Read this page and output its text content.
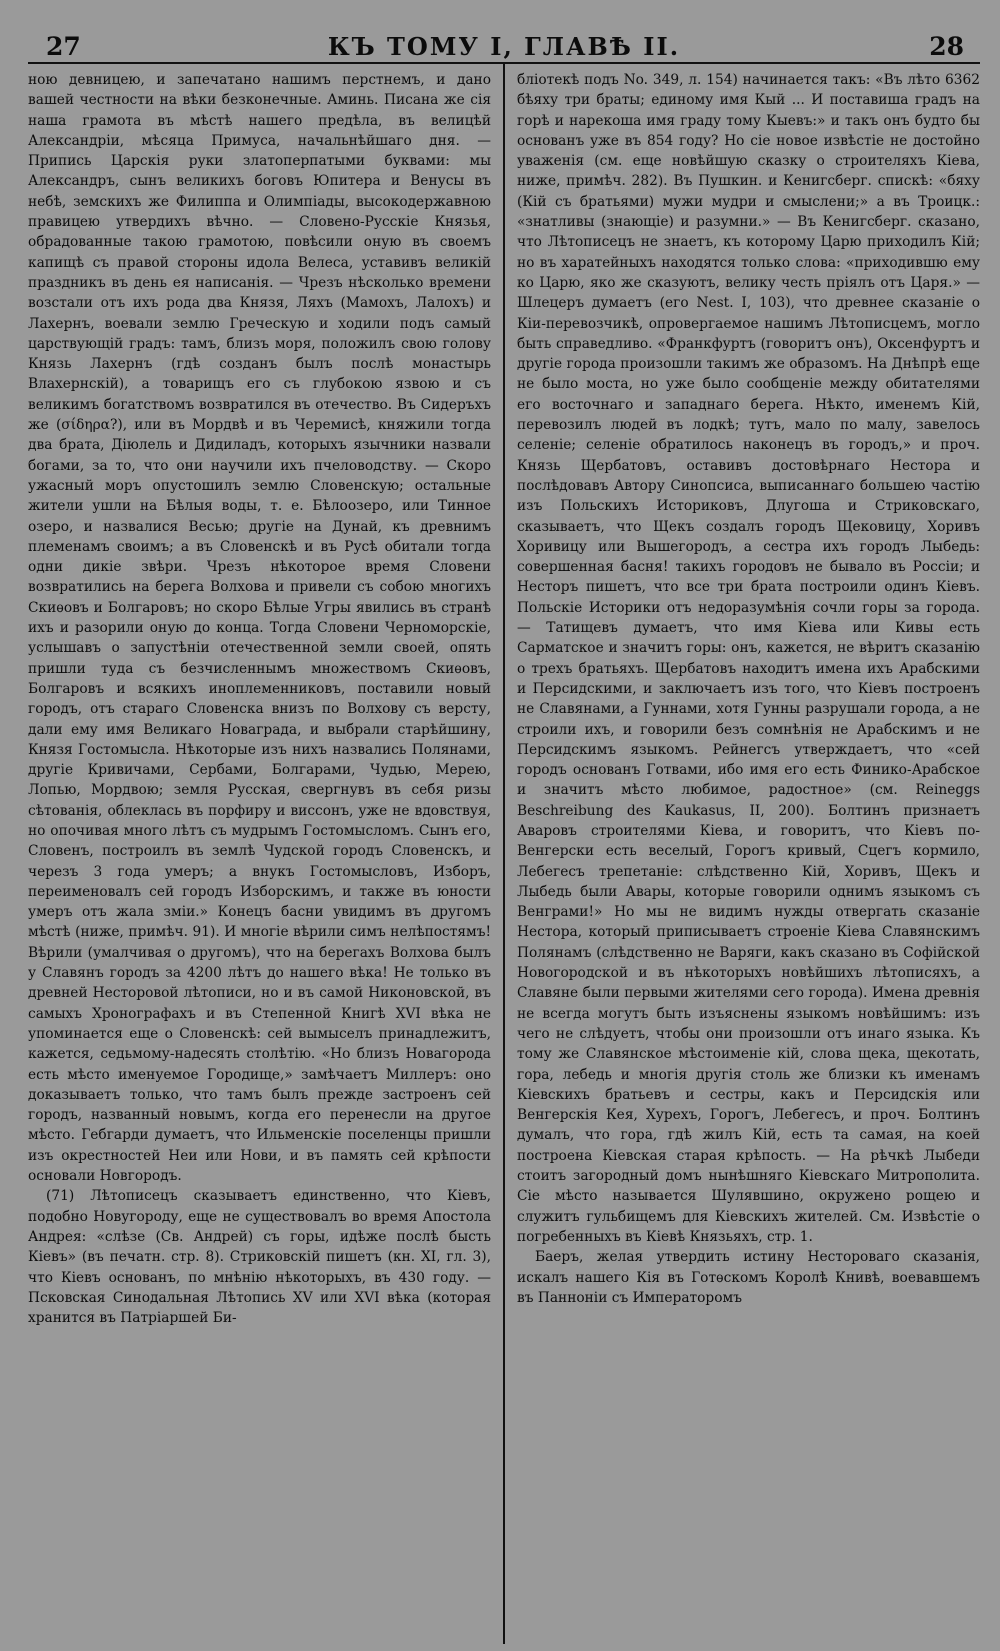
27	КЪ ТОМУ I, ГЛАВѢ II.	28

ною девницею, и запечатано нашимъ перстнемъ, и дано вашей честности на вѣки безконечные. Аминь. Писана же сія наша грамота въ мѣстѣ нашего предѣла, въ велицѣй Александріи, мѣсяца Примуса, начальнѣйшаго дня. — Припись Царскія руки златоперпатыми буквами: мы Александръ, сынъ великихъ боговъ Юпитера и Венусы въ небѣ, земскихъ же Филиппа и Олимпіады, высокодержавною правицею утвердихъ вѣчно. — Словено-Русскіе Князья, обрадованные такою грамотою, повѣсили оную въ своемъ капищѣ съ правой стороны идола Велеса, уставивъ великій праздникъ въ день ея написанія. — Чрезъ нѣсколько времени возстали отъ ихъ рода два Князя, Ляхъ (Мамохъ, Лалохъ) и Лахернъ, воевали землю Греческую и ходили подъ самый царствующій градъ: тамъ, близъ моря, положилъ свою голову Князь Лахернъ (гдѣ созданъ былъ послѣ монастырь Влахернскій), а товарищъ его съ глубокою язвою и съ великимъ богатствомъ возвратился въ отечество. Въ Сидеръхъ же (σίδηρα?), или въ Мордвѣ и въ Черемисѣ, княжили тогда два брата, Діюлель и Дидиладъ, которыхъ язычники назвали богами, за то, что они научили ихъ пчеловодству. — Скоро ужасный моръ опустошилъ землю Словенскую; остальные жители ушли на Бѣлыя воды, т. е. Бѣлоозеро, или Тинное озеро, и назвалися Весью; другіе на Дунай, къ древнимъ племенамъ своимъ; а въ Словенскѣ и въ Русѣ обитали тогда одни дикіе звѣри. Чрезъ нѣкоторое время Словени возвратились на берега Волхова и привели съ собою многихъ Скиѳовъ и Болгаровъ; но скоро Бѣлые Угры явились въ странѣ ихъ и разорили оную до конца. Тогда Словени Черноморскіе, услышавъ о запустѣніи отечественной земли своей, опять пришли туда съ безчисленнымъ множествомъ Скиѳовъ, Болгаровъ и всякихъ иноплеменниковъ, поставили новый городъ, отъ стараго Словенска внизъ по Волхову съ версту, дали ему имя Великаго Новаграда, и выбрали старѣйшину, Князя Гостомысла. Нѣкоторые изъ нихъ назвались Полянами, другіе Кривичами, Сербами, Болгарами, Чудью, Мерею, Лопью, Мордвою; земля Русская, свергнувъ въ себя ризы сѣтованія, облеклась въ порфиру и виссонъ, уже не вдовствуя, но опочивая много лѣтъ съ мудрымъ Гостомысломъ. Сынъ его, Словенъ, построилъ въ землѣ Чудской городъ Словенскъ, и черезъ 3 года умеръ; а внукъ Гостомысловъ, Изборъ, переименовалъ сей городъ Изборскимъ, и также въ юности умеръ отъ жала зміи.» Конецъ басни увидимъ въ другомъ мѣстѣ (ниже, примѣч. 91). И многіе вѣрили симъ нелѣпостямъ! Вѣрили (умалчивая о другомъ), что на берегахъ Волхова былъ у Славянъ городъ за 4200 лѣтъ до нашего вѣка! Не только въ древней Несторовой лѣтописи, но и въ самой Никоновской, въ самыхъ Хронографахъ и въ Степенной Книгѣ XVI вѣка не упоминается еще о Словенскѣ: сей вымыселъ принадлежитъ, кажется, седьмому-надесять столѣтію. «Но близъ Новагорода есть мѣсто именуемое Городище,» замѣчаетъ Миллеръ: оно доказываетъ только, что тамъ былъ прежде застроенъ сей городъ, названный новымъ, когда его перенесли на другое мѣсто. Гебгарди думаетъ, что Ильменскіе поселенцы пришли изъ окрестностей Неи или Нови, и въ память сей крѣпости основали Новгородъ.

(71) Лѣтописецъ сказываетъ единственно, что Кіевъ, подобно Новугороду, еще не существовалъ во время Апостола Андрея: «слѣзе (Св. Андрей) съ горы, идѣже послѣ бысть Кіевъ» (въ печатн. стр. 8). Стриковскій пишетъ (кн. XI, гл. 3), что Кіевъ основанъ, по мнѣнію нѣкоторыхъ, въ 430 году. — Псковская Синодальная Лѣтопись XV или XVI вѣка (которая хранится въ Патріаршей Би-

бліотекѣ подъ No. 349, л. 154) начинается такъ: «Въ лѣто 6362 бѣяху три браты; единому имя Кый ... И поставиша градъ на горѣ и нарекоша имя граду тому Кыевъ:» и такъ онъ будто бы основанъ уже въ 854 году? Но сіе новое извѣстіе не достойно уваженія (см. еще новѣйшую сказку о строителяхъ Кіева, ниже, примѣч. 282). Въ Пушкин. и Кенигсберг. спискѣ: «бяху (Кій съ братьями) мужи мудри и смыслени;» а въ Троицк.: «знатливы (знающіе) и разумни.» — Въ Кенигсберг. сказано, что Лѣтописецъ не знаетъ, къ которому Царю приходилъ Кій; но въ харатейныхъ находятся только слова: «приходившю ему ко Царю, яко же сказуютъ, велику честь пріялъ отъ Царя.» — Шлецеръ думаетъ (его Nest. I, 103), что древнее сказаніе о Кіи-перевозчикѣ, опровергаемое нашимъ Лѣтописцемъ, могло быть справедливо. «Франкфуртъ (говоритъ онъ), Оксенфуртъ и другіе города произошли такимъ же образомъ. На Днѣпрѣ еще не было моста, но уже было сообщеніе между обитателями его восточнаго и западнаго берега. Нѣкто, именемъ Кій, перевозилъ людей въ лодкѣ; тутъ, мало по малу, завелось селеніе; селеніе обратилось наконецъ въ городъ,» и проч. Князь Щербатовъ, оставивъ достовѣрнаго Нестора и послѣдовавъ Автору Синопсиса, выписаннаго большею частію изъ Польскихъ Историковъ, Длугоша и Стриковскаго, сказываетъ, что Щекъ создалъ городъ Щековицу, Хоривъ Хоривицу или Вышегородъ, а сестра ихъ городъ Лыбедь: совершенная басня! такихъ городовъ не бывало въ Россіи; и Несторъ пишетъ, что все три брата построили одинъ Кіевъ. Польскіе Историки отъ недоразумѣнія сочли горы за города. — Татищевъ думаетъ, что имя Кіева или Кивы есть Сарматское и значитъ горы: онъ, кажется, не вѣритъ сказанію о трехъ братьяхъ. Щербатовъ находитъ имена ихъ Арабскими и Персидскими, и заключаетъ изъ того, что Кіевъ построенъ не Славянами, а Гуннами, хотя Гунны разрушали города, а не строили ихъ, и говорили безъ сомнѣнія не Арабскимъ и не Персидскимъ языкомъ. Рейнегсъ утверждаетъ, что «сей городъ основанъ Готвами, ибо имя его есть Финико-Арабское и значитъ мѣсто любимое, радостное» (см. Reineggs Beschreibung des Kaukasus, II, 200). Болтинъ признаетъ Аваровъ строителями Кіева, и говоритъ, что Кіевъ по-Венгерски есть веселый, Горогъ кривый, Сцегъ кормило, Лебегесъ трепетаніе: слѣдственно Кій, Хоривъ, Щекъ и Лыбедь были Авары, которые говорили однимъ языкомъ съ Венграми!» Но мы не видимъ нужды отвергать сказаніе Нестора, который приписываетъ строеніе Кіева Славянскимъ Полянамъ (слѣдственно не Варяги, какъ сказано въ Софійской Новогородской и въ нѣкоторыхъ новѣйшихъ лѣтописяхъ, а Славяне были первыми жителями сего города). Имена древнія не всегда могутъ быть изъяснены языкомъ новѣйшимъ: изъ чего не слѣдуетъ, чтобы они произошли отъ инаго языка. Къ тому же Славянское мѣстоименіе кій, слова щека, щекотать, гора, лебедь и многія другія столь же близки къ именамъ Кіевскихъ братьевъ и сестры, какъ и Персидскія или Венгерскія Кея, Хурехъ, Горогъ, Лебегесъ, и проч. Болтинъ думалъ, что гора, гдѣ жилъ Кій, есть та самая, на коей построена Кіевская старая крѣпость. — На рѣчкѣ Лыбеди стоитъ загородный домъ нынѣшняго Кіевскаго Митрополита. Сіе мѣсто называется Шулявшино, окружено рощею и служитъ гульбищемъ для Кіевскихъ жителей. См. Извѣстіе о погребенныхъ въ Кіевѣ Князьяхъ, стр. 1.

Баеръ, желая утвердить истину Нестороваго сказанія, искалъ нашего Кія въ Готѳскомъ Королѣ Книвѣ, воевавшемъ въ Панноніи съ Императоромъ
